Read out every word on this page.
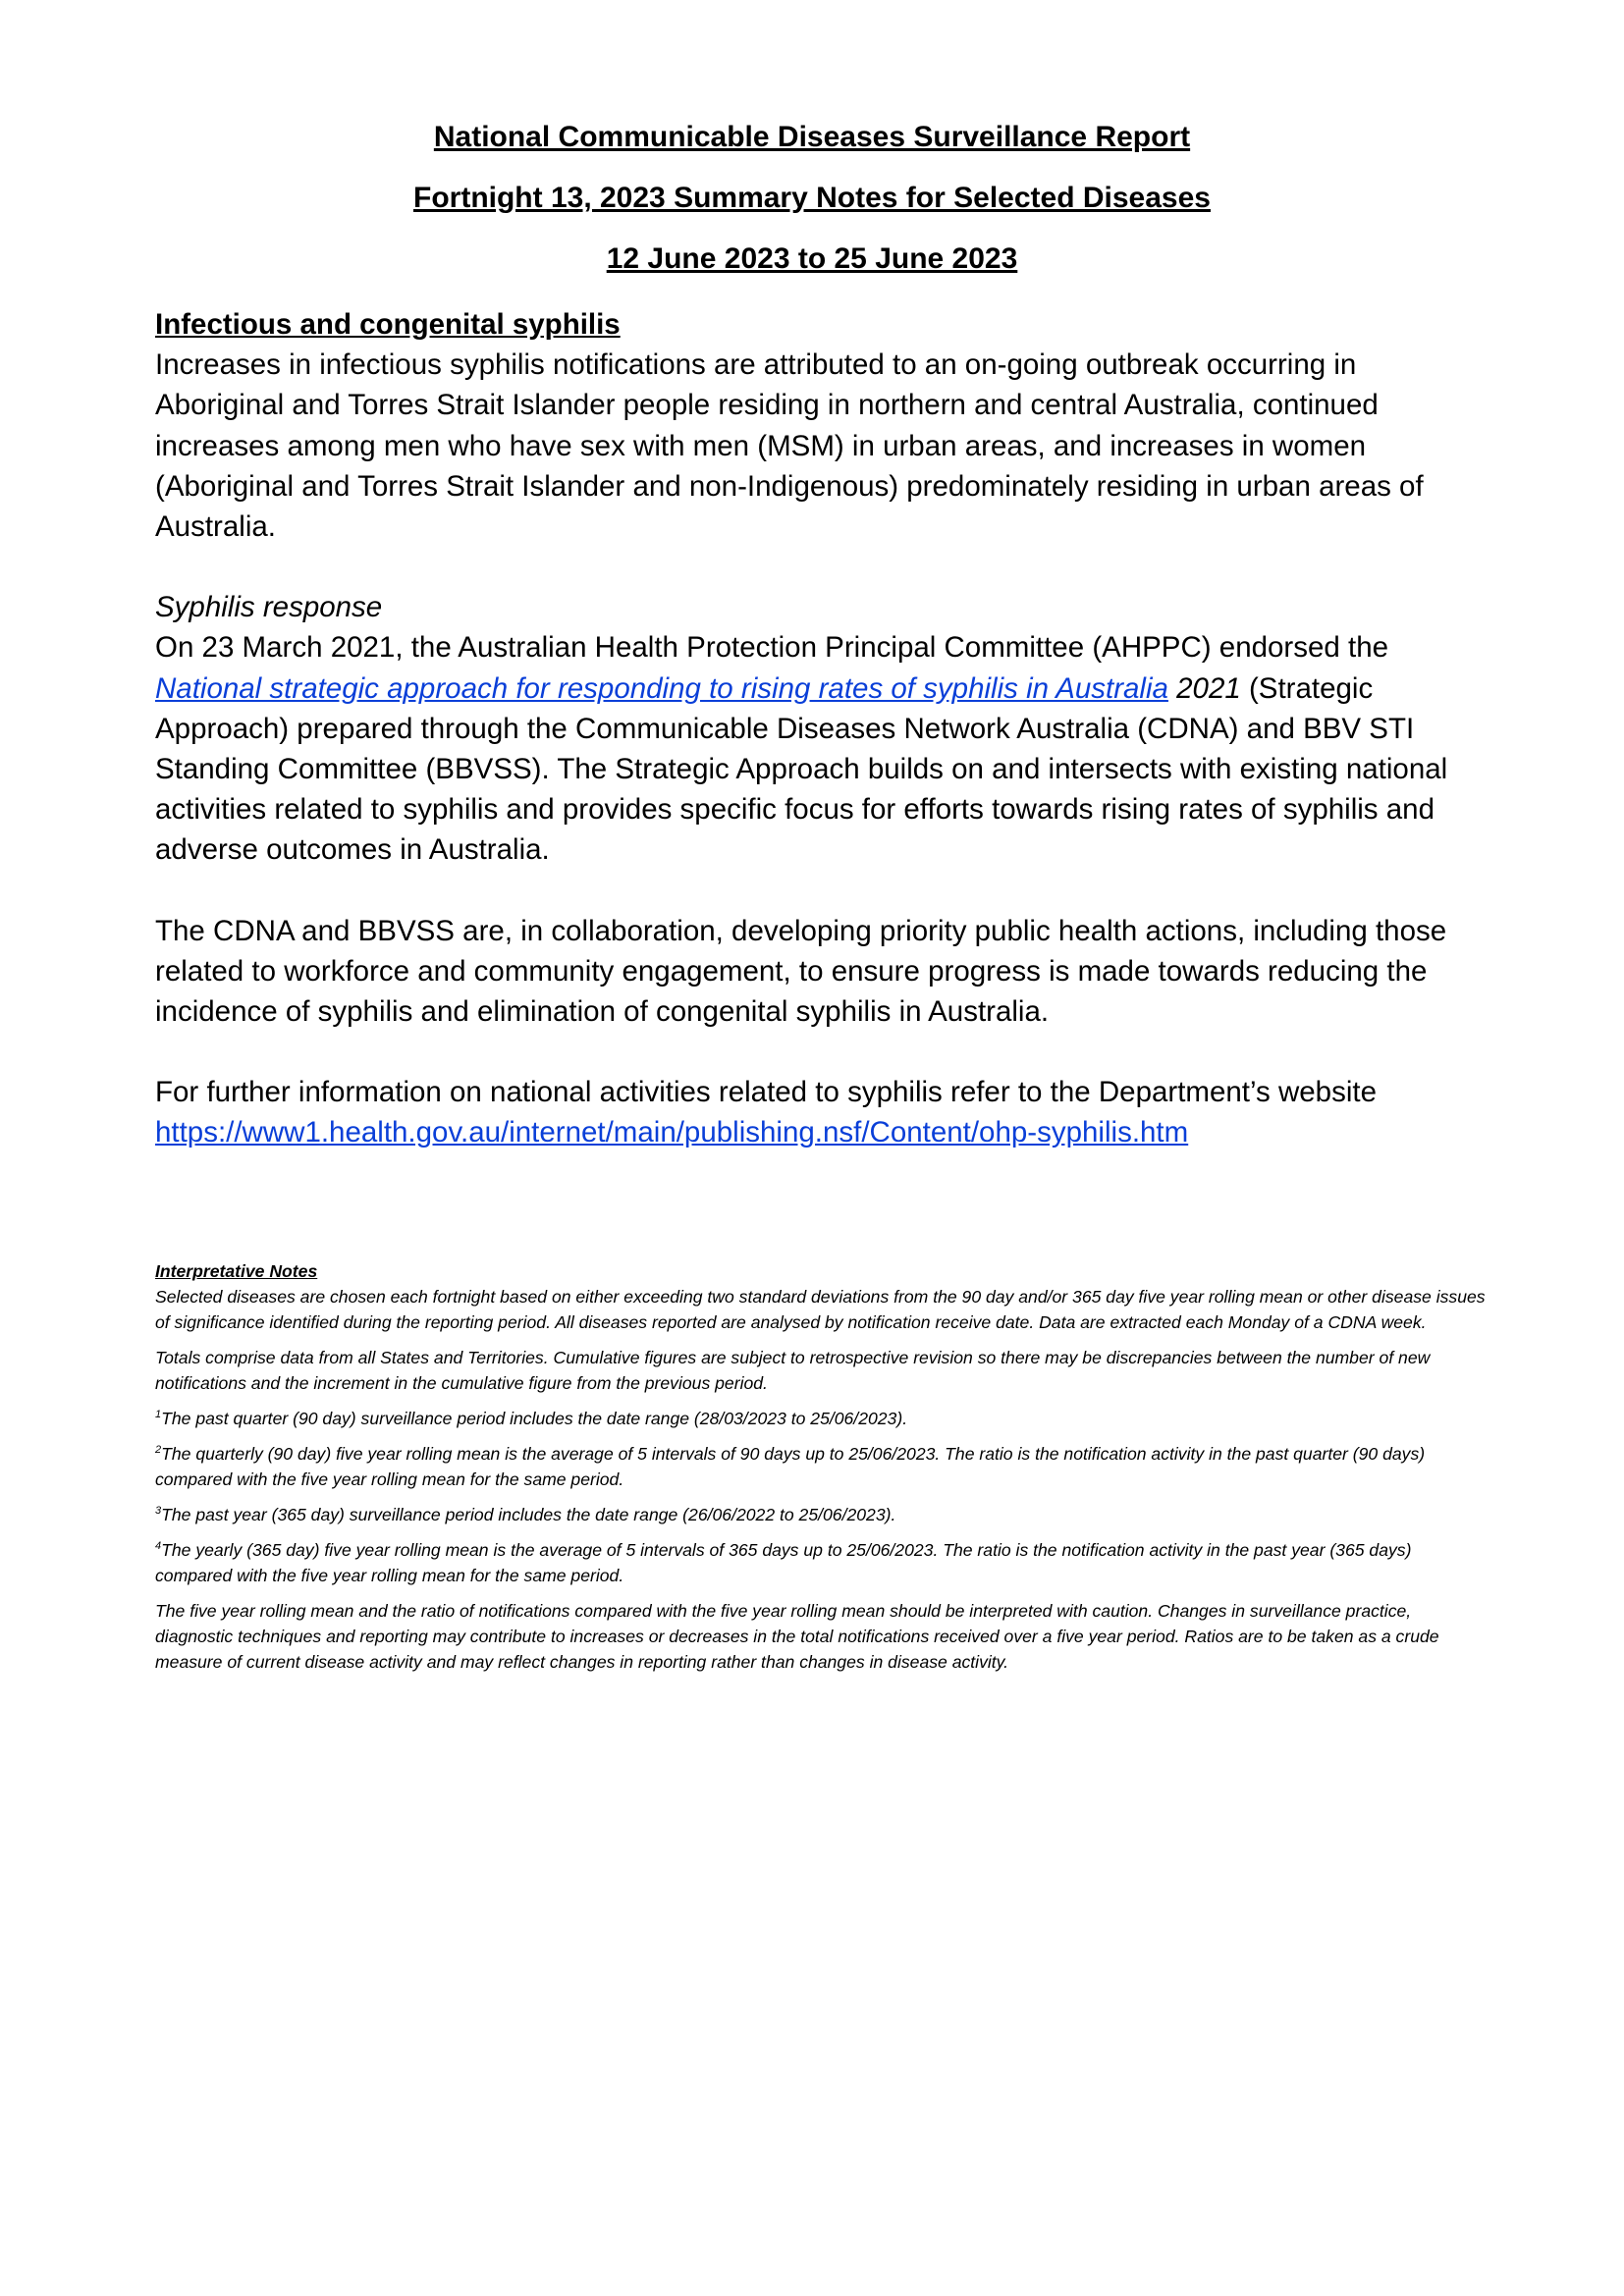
National Communicable Diseases Surveillance Report
Fortnight 13, 2023 Summary Notes for Selected Diseases
12 June 2023 to 25 June 2023

Infectious and congenital syphilis

Increases in infectious syphilis notifications are attributed to an on-going outbreak occurring in Aboriginal and Torres Strait Islander people residing in northern and central Australia, continued increases among men who have sex with men (MSM) in urban areas, and increases in women (Aboriginal and Torres Strait Islander and non-Indigenous) predominately residing in urban areas of Australia.

Syphilis response

On 23 March 2021, the Australian Health Protection Principal Committee (AHPPC) endorsed the National strategic approach for responding to rising rates of syphilis in Australia 2021 (Strategic Approach) prepared through the Communicable Diseases Network Australia (CDNA) and BBV STI Standing Committee (BBVSS). The Strategic Approach builds on and intersects with existing national activities related to syphilis and provides specific focus for efforts towards rising rates of syphilis and adverse outcomes in Australia.

The CDNA and BBVSS are, in collaboration, developing priority public health actions, including those related to workforce and community engagement, to ensure progress is made towards reducing the incidence of syphilis and elimination of congenital syphilis in Australia.

For further information on national activities related to syphilis refer to the Department’s website

https://www1.health.gov.au/internet/main/publishing.nsf/Content/ohp-syphilis.htm

Interpretative Notes

Selected diseases are chosen each fortnight based on either exceeding two standard deviations from the 90 day and/or 365 day five year rolling mean or other disease issues of significance identified during the reporting period. All diseases reported are analysed by notification receive date. Data are extracted each Monday of a CDNA week.

Totals comprise data from all States and Territories. Cumulative figures are subject to retrospective revision so there may be discrepancies between the number of new notifications and the increment in the cumulative figure from the previous period.

$^1$The past quarter (90 day) surveillance period includes the date range (28/03/2023 to 25/06/2023).

$^2$The quarterly (90 day) five year rolling mean is the average of 5 intervals of 90 days up to 25/06/2023. The ratio is the notification activity in the past quarter (90 days) compared with the five year rolling mean for the same period.

$^3$The past year (365 day) surveillance period includes the date range (26/06/2022 to 25/06/2023).

$^4$The yearly (365 day) five year rolling mean is the average of 5 intervals of 365 days up to 25/06/2023. The ratio is the notification activity in the past year (365 days) compared with the five year rolling mean for the same period.

The five year rolling mean and the ratio of notifications compared with the five year rolling mean should be interpreted with caution. Changes in surveillance practice, diagnostic techniques and reporting may contribute to increases or decreases in the total notifications received over a five year period. Ratios are to be taken as a crude measure of current disease activity and may reflect changes in reporting rather than changes in disease activity.
